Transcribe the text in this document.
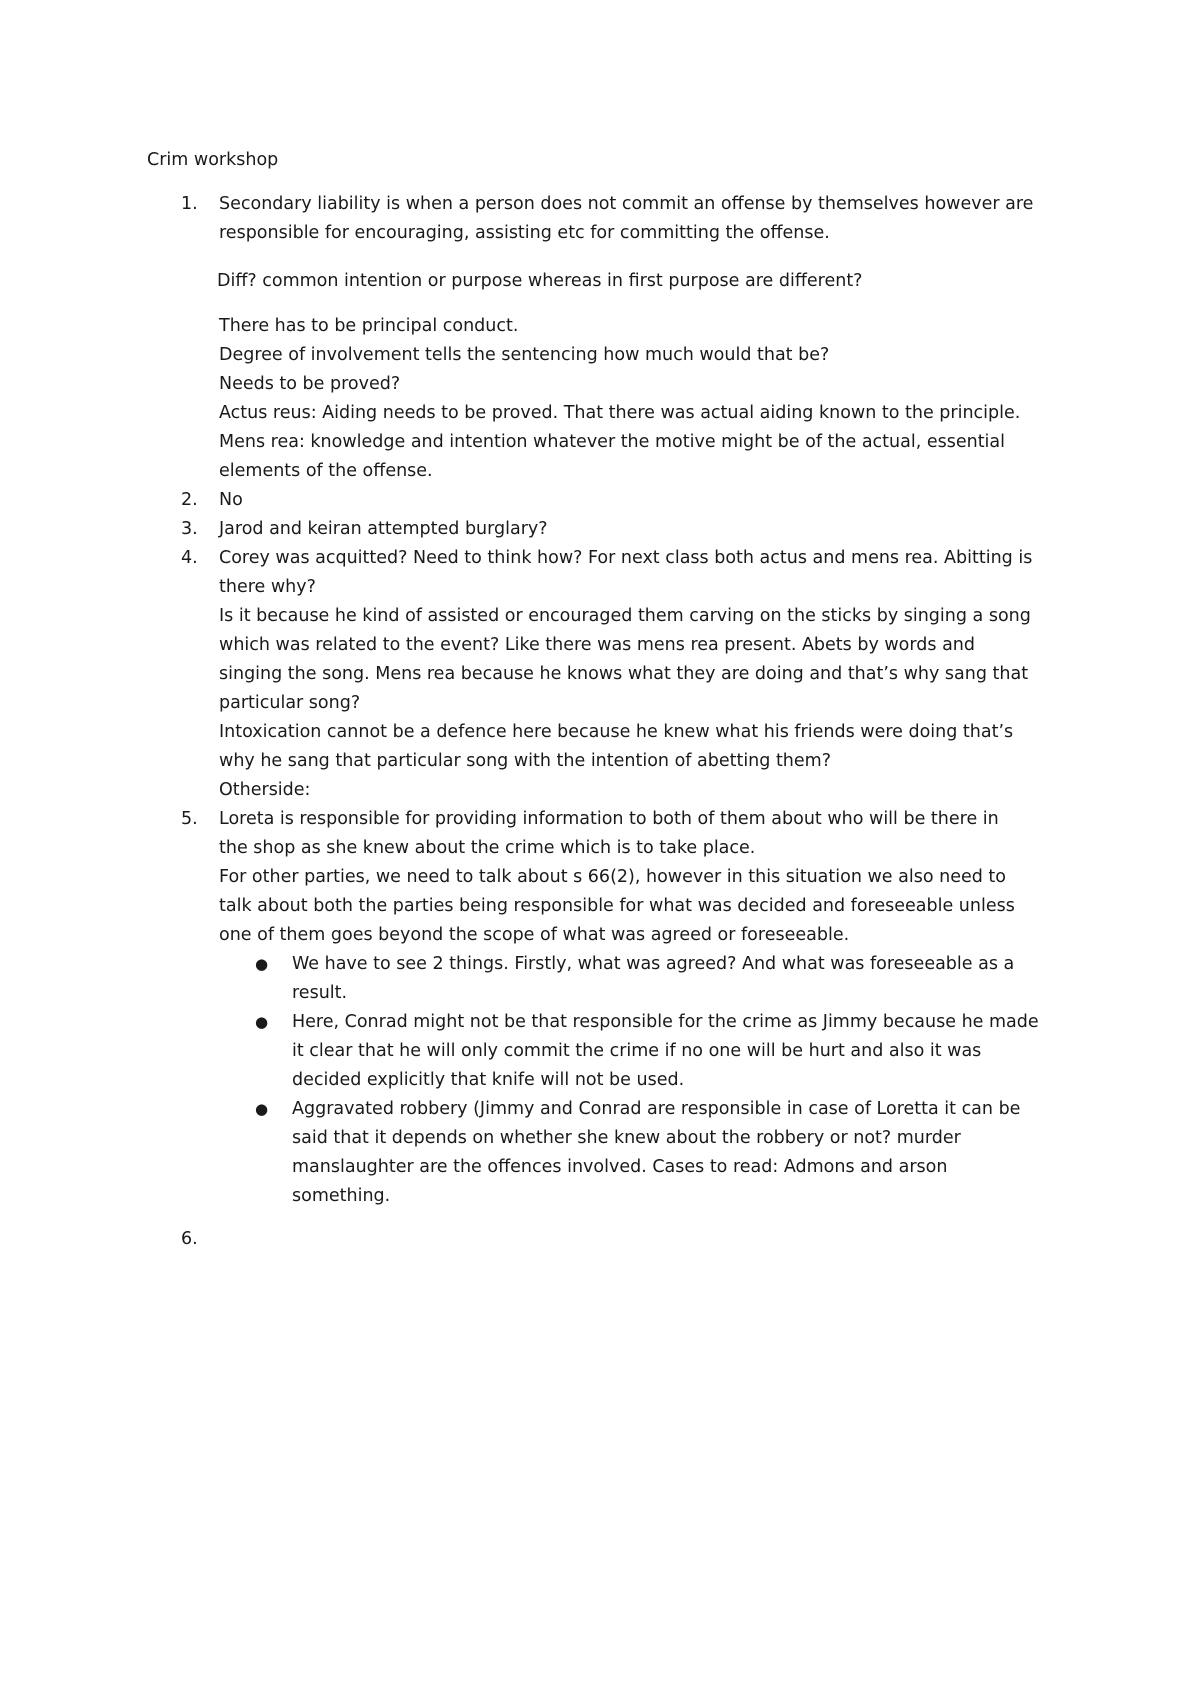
Crim workshop
1. Secondary liability is when a person does not commit an offense by themselves however are
responsible for encouraging, assisting etc for committing the offense.
Diff? common intention or purpose whereas in first purpose are different?
There has to be principal conduct.
Degree of involvement tells the sentencing how much would that be?
Needs to be proved?
Actus reus: Aiding needs to be proved. That there was actual aiding known to the principle.
Mens rea: knowledge and intention whatever the motive might be of the actual, essential
elements of the offense.
2. No
3. Jarod and keiran attempted burglary?
4. Corey was acquitted? Need to think how? For next class both actus and mens rea. Abitting is
there why?
Is it because he kind of assisted or encouraged them carving on the sticks by singing a song
which was related to the event? Like there was mens rea present. Abets by words and
singing the song. Mens rea because he knows what they are doing and that’s why sang that
particular song?
Intoxication cannot be a defence here because he knew what his friends were doing that’s
why he sang that particular song with the intention of abetting them?
Otherside:
5. Loreta is responsible for providing information to both of them about who will be there in
the shop as she knew about the crime which is to take place.
For other parties, we need to talk about s 66(2), however in this situation we also need to
talk about both the parties being responsible for what was decided and foreseeable unless
one of them goes beyond the scope of what was agreed or foreseeable.
● We have to see 2 things. Firstly, what was agreed? And what was foreseeable as a
result.
● Here, Conrad might not be that responsible for the crime as Jimmy because he made
it clear that he will only commit the crime if no one will be hurt and also it was
decided explicitly that knife will not be used.
● Aggravated robbery (Jimmy and Conrad are responsible in case of Loretta it can be
said that it depends on whether she knew about the robbery or not? murder
manslaughter are the offences involved. Cases to read: Admons and arson
something.
6.
